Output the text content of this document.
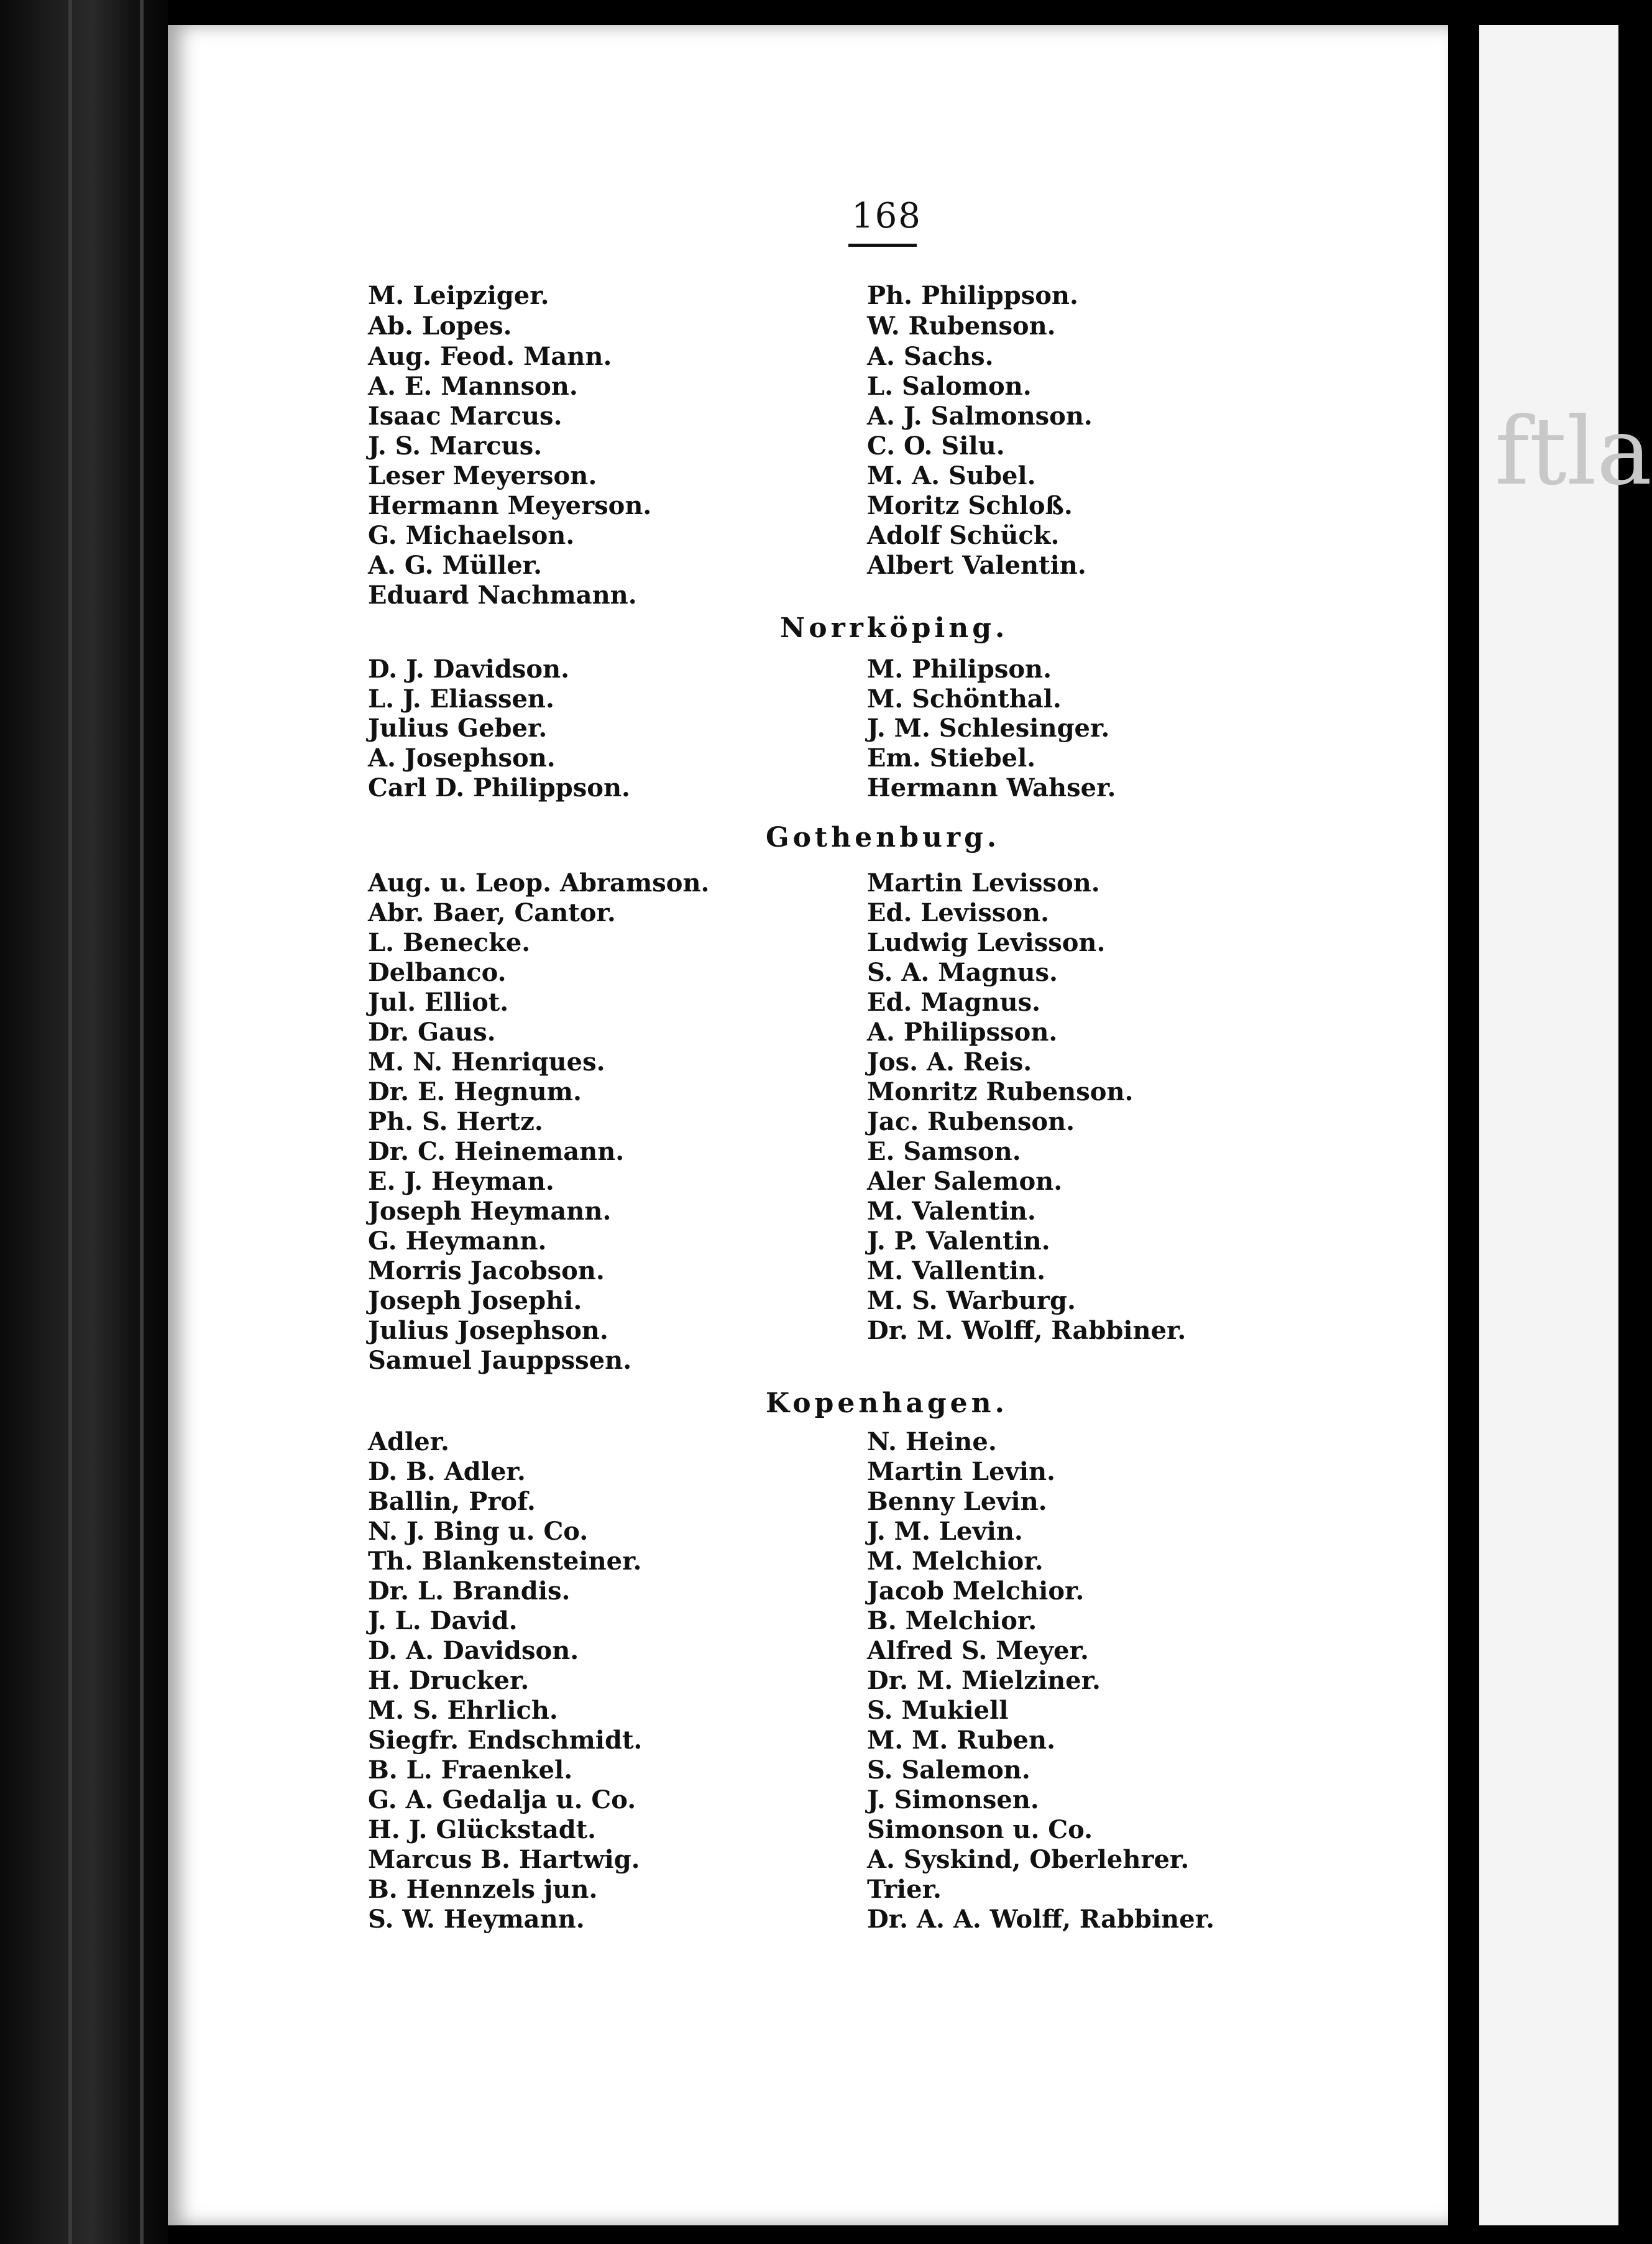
ftla
168
M. Leipziger.
Ab. Lopes.
Aug. Feod. Mann.
A. E. Mannson.
Isaac Marcus.
J. S. Marcus.
Leser Meyerson.
Hermann Meyerson.
G. Michaelson.
A. G. Müller.
Eduard Nachmann.
Ph. Philippson.
W. Rubenson.
A. Sachs.
L. Salomon.
A. J. Salmonson.
C. O. Silu.
M. A. Subel.
Moritz Schloß.
Adolf Schück.
Albert Valentin.
Norrköping.
D. J. Davidson.
L. J. Eliassen.
Julius Geber.
A. Josephson.
Carl D. Philippson.
M. Philipson.
M. Schönthal.
J. M. Schlesinger.
Em. Stiebel.
Hermann Wahser.
Gothenburg.
Aug. u. Leop. Abramson.
Abr. Baer, Cantor.
L. Benecke.
Delbanco.
Jul. Elliot.
Dr. Gaus.
M. N. Henriques.
Dr. E. Hegnum.
Ph. S. Hertz.
Dr. C. Heinemann.
E. J. Heyman.
Joseph Heymann.
G. Heymann.
Morris Jacobson.
Joseph Josephi.
Julius Josephson.
Samuel Jauppssen.
Martin Levisson.
Ed. Levisson.
Ludwig Levisson.
S. A. Magnus.
Ed. Magnus.
A. Philipsson.
Jos. A. Reis.
Monritz Rubenson.
Jac. Rubenson.
E. Samson.
Aler Salemon.
M. Valentin.
J. P. Valentin.
M. Vallentin.
M. S. Warburg.
Dr. M. Wolff, Rabbiner.
Kopenhagen.
Adler.
D. B. Adler.
Ballin, Prof.
N. J. Bing u. Co.
Th. Blankensteiner.
Dr. L. Brandis.
J. L. David.
D. A. Davidson.
H. Drucker.
M. S. Ehrlich.
Siegfr. Endschmidt.
B. L. Fraenkel.
G. A. Gedalja u. Co.
H. J. Glückstadt.
Marcus B. Hartwig.
B. Hennzels jun.
S. W. Heymann.
N. Heine.
Martin Levin.
Benny Levin.
J. M. Levin.
M. Melchior.
Jacob Melchior.
B. Melchior.
Alfred S. Meyer.
Dr. M. Mielziner.
S. Mukiell
M. M. Ruben.
S. Salemon.
J. Simonsen.
Simonson u. Co.
A. Syskind, Oberlehrer.
Trier.
Dr. A. A. Wolff, Rabbiner.
